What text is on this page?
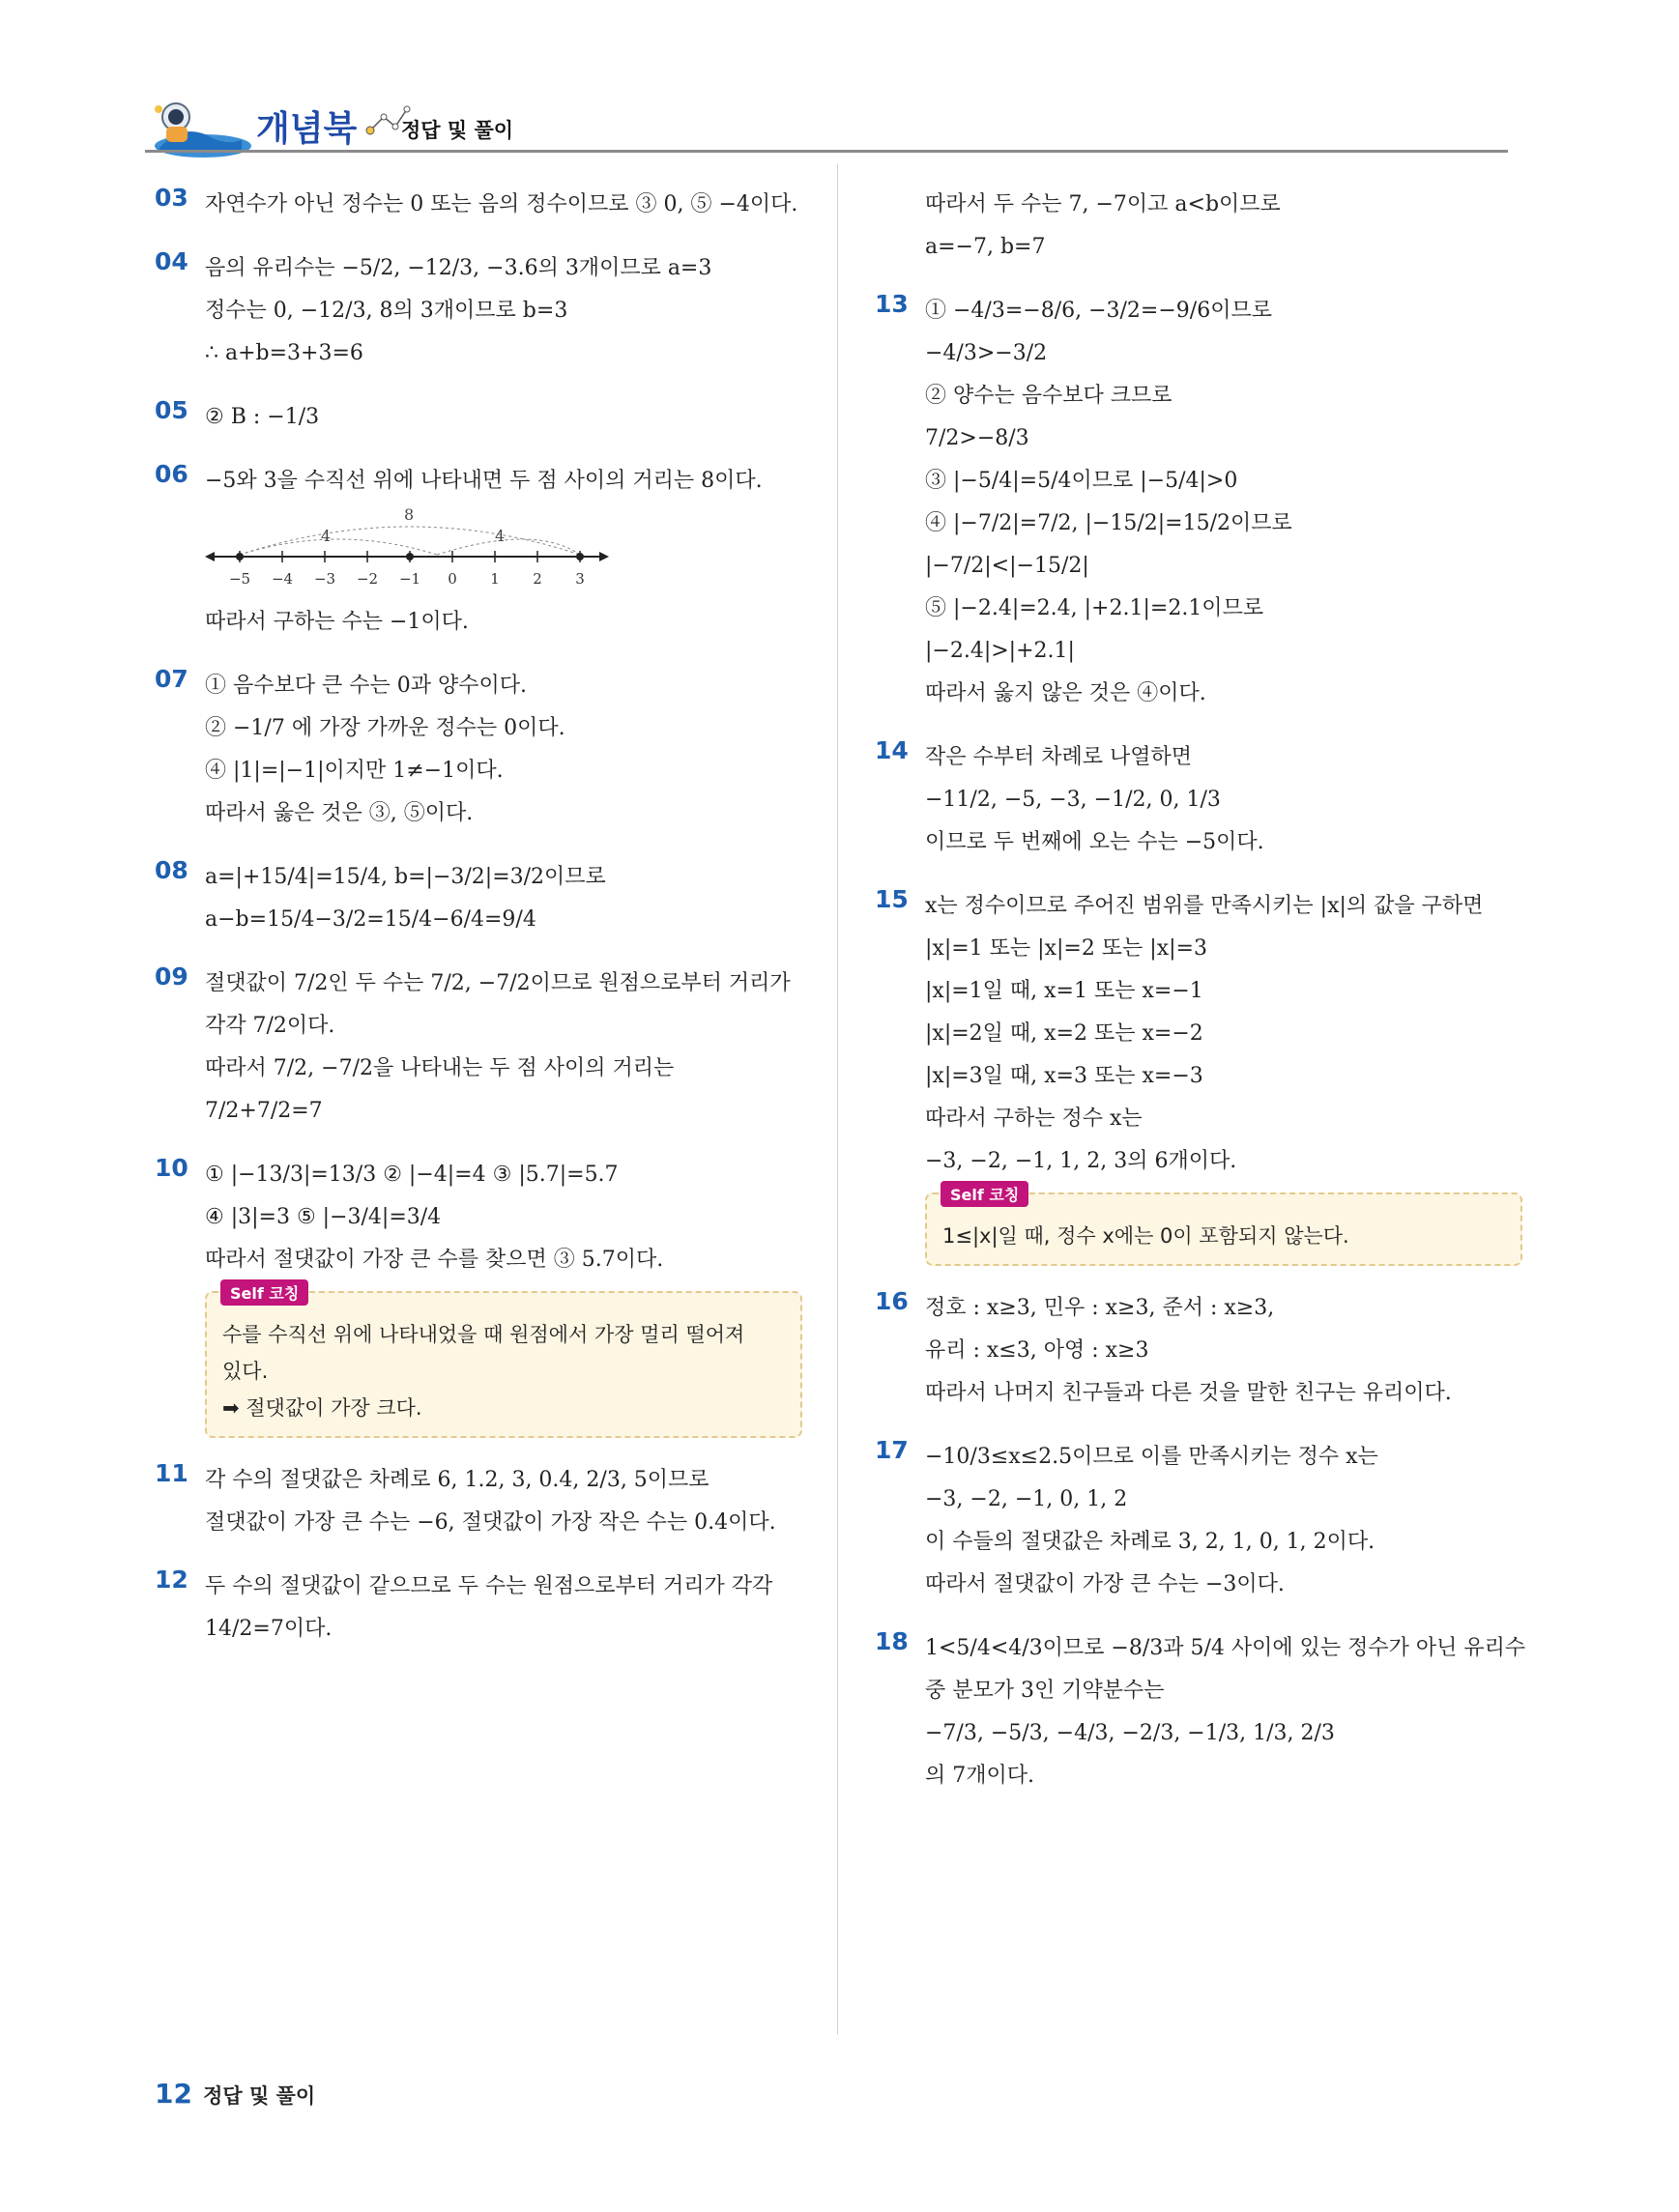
개념북 정답 및 풀이
03 자연수가 아닌 정수는 0 또는 음의 정수이므로 ③ 0, ⑤ −4이다.
04 음의 유리수는 −5/2, −12/3, −3.6의 3개이므로 a=3
정수는 0, −12/3, 8의 3개이므로 b=3
∴ a+b=3+3=6
05 ② B : −1/3
06 −5와 3을 수직선 위에 나타내면 두 점 사이의 거리는 8이다.
4	4
8
−5 −4 −3 −2 −1 0 1 2 3
따라서 구하는 수는 −1이다.
07 ① 음수보다 큰 수는 0과 양수이다.
② −1/7 에 가장 가까운 정수는 0이다.
④ |1|=|−1|이지만 1≠−1이다.
따라서 옳은 것은 ③, ⑤이다.
08 a=|+15/4|=15/4, b=|−3/2|=3/2이므로
a−b=15/4−3/2=15/4−6/4=9/4
09 절댓값이 7/2인 두 수는 7/2, −7/2이므로 원점으로부터 거리가
각각 7/2이다.
따라서 7/2, −7/2을 나타내는 두 점 사이의 거리는
7/2+7/2=7
10 ① |−13/3|=13/3 ② |−4|=4 ③ |5.7|=5.7
④ |3|=3 ⑤ |−3/4|=3/4
따라서 절댓값이 가장 큰 수를 찾으면 ③ 5.7이다.
Self 코칭
수를 수직선 위에 나타내었을 때 원점에서 가장 멀리 떨어져
있다.
➡ 절댓값이 가장 크다.
11 각 수의 절댓값은 차례로 6, 1.2, 3, 0.4, 2/3, 5이므로
절댓값이 가장 큰 수는 −6, 절댓값이 가장 작은 수는 0.4이다.
12 두 수의 절댓값이 같으므로 두 수는 원점으로부터 거리가 각각
14/2=7이다.
따라서 두 수는 7, −7이고 a<b이므로
a=−7, b=7
13 ① −4/3=−8/6, −3/2=−9/6이므로
−4/3>−3/2
② 양수는 음수보다 크므로
7/2>−8/3
③ |−5/4|=5/4이므로 |−5/4|>0
④ |−7/2|=7/2, |−15/2|=15/2이므로
|−7/2|<|−15/2|
⑤ |−2.4|=2.4, |+2.1|=2.1이므로
|−2.4|>|+2.1|
따라서 옳지 않은 것은 ④이다.
14 작은 수부터 차례로 나열하면
−11/2, −5, −3, −1/2, 0, 1/3
이므로 두 번째에 오는 수는 −5이다.
15 x는 정수이므로 주어진 범위를 만족시키는 |x|의 값을 구하면
|x|=1 또는 |x|=2 또는 |x|=3
|x|=1일 때, x=1 또는 x=−1
|x|=2일 때, x=2 또는 x=−2
|x|=3일 때, x=3 또는 x=−3
따라서 구하는 정수 x는
−3, −2, −1, 1, 2, 3의 6개이다.
Self 코칭
1≤|x|일 때, 정수 x에는 0이 포함되지 않는다.
16 정호 : x≥3, 민우 : x≥3, 준서 : x≥3,
유리 : x≤3, 아영 : x≥3
따라서 나머지 친구들과 다른 것을 말한 친구는 유리이다.
17 −10/3≤x≤2.5이므로 이를 만족시키는 정수 x는
−3, −2, −1, 0, 1, 2
이 수들의 절댓값은 차례로 3, 2, 1, 0, 1, 2이다.
따라서 절댓값이 가장 큰 수는 −3이다.
18 1<5/4<4/3이므로 −8/3과 5/4 사이에 있는 정수가 아닌 유리수
중 분모가 3인 기약분수는
−7/3, −5/3, −4/3, −2/3, −1/3, 1/3, 2/3
의 7개이다.
12 정답 및 풀이
